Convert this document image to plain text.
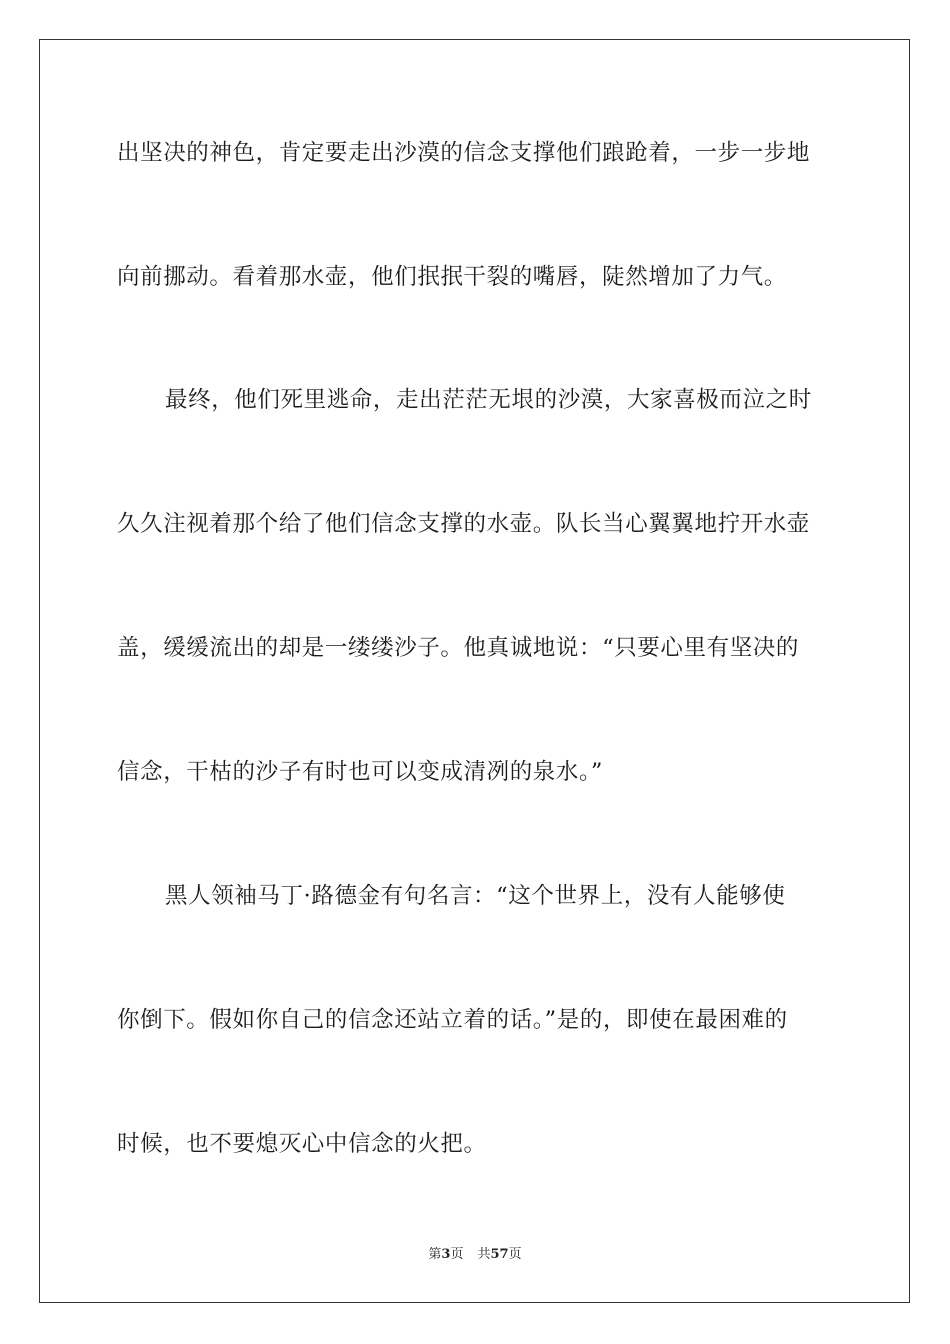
出坚决的神色，肯定要走出沙漠的信念支撑他们踉跄着，一步一步地
向前挪动。看着那水壶，他们抿抿干裂的嘴唇，陡然增加了力气。
最终，他们死里逃命，走出茫茫无垠的沙漠，大家喜极而泣之时
久久注视着那个给了他们信念支撑的水壶。队长当心翼翼地拧开水壶
盖，缓缓流出的却是一缕缕沙子。他真诚地说：“只要心里有坚决的
信念，干枯的沙子有时也可以变成清冽的泉水。”
黑人领袖马丁·路德金有句名言：“这个世界上，没有人能够使
你倒下。假如你自己的信念还站立着的话。”是的，即使在最困难的
时候，也不要熄灭心中信念的火把。
第3页 共57页
